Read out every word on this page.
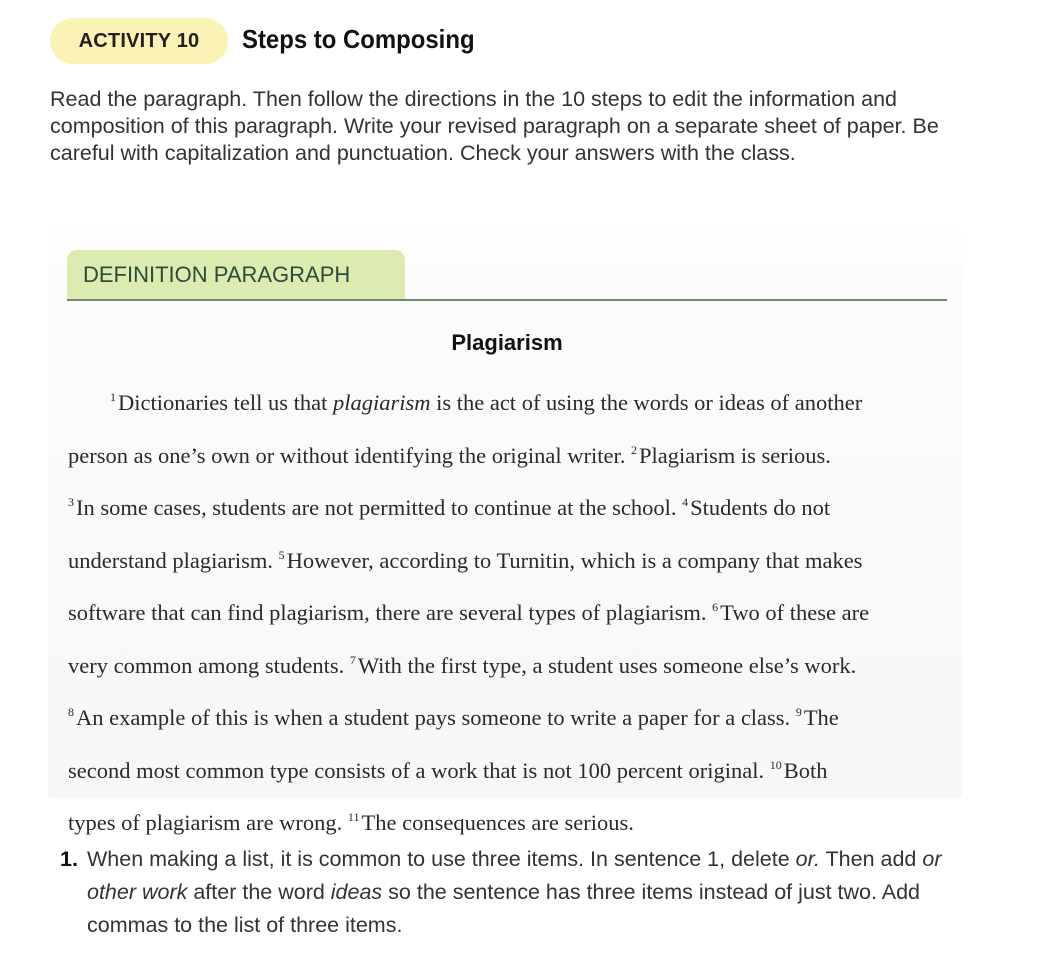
ACTIVITY 10	Steps to Composing
Read the paragraph. Then follow the directions in the 10 steps to edit the information and composition of this paragraph. Write your revised paragraph on a separate sheet of paper. Be careful with capitalization and punctuation. Check your answers with the class.
DEFINITION PARAGRAPH
Plagiarism
$^1$Dictionaries tell us that plagiarism is the act of using the words or ideas of another
person as one’s own or without identifying the original writer. $^2$Plagiarism is serious.
$^3$In some cases, students are not permitted to continue at the school. $^4$Students do not
understand plagiarism. $^5$However, according to Turnitin, which is a company that makes
software that can find plagiarism, there are several types of plagiarism. $^6$Two of these are
very common among students. $^7$With the first type, a student uses someone else’s work.
$^8$An example of this is when a student pays someone to write a paper for a class. $^9$The
second most common type consists of a work that is not 100 percent original. $^{10}$Both
types of plagiarism are wrong. $^{11}$The consequences are serious.
1. When making a list, it is common to use three items. In sentence 1, delete or. Then add or other work after the word ideas so the sentence has three items instead of just two. Add commas to the list of three items.
